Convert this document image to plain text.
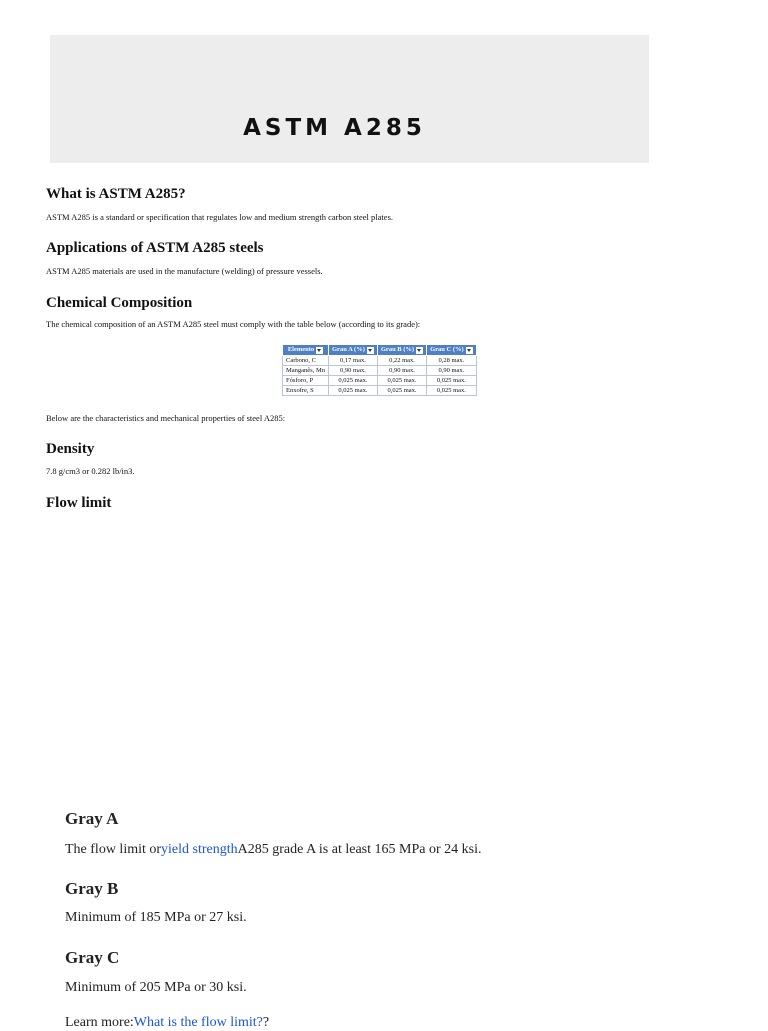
ASTM A285
What is ASTM A285?

ASTM A285 is a standard or specification that regulates low and medium strength carbon steel plates.

Applications of ASTM A285 steels

ASTM A285 materials are used in the manufacture (welding) of pressure vessels.

Chemical Composition

The chemical composition of an ASTM A285 steel must comply with the table below (according to its grade):

Elemento	Grau A (%)	Grau B (%)	Grau C (%)
Carbono, C	0,17 max.	0,22 max.	0,28 max.
Manganês, Mn	0,90 max.	0,90 max.	0,90 max.
Fósforo, P	0,025 max.	0,025 max.	0,025 max.
Enxofre, S	0,025 max.	0,025 max.	0,025 max.

Below are the characteristics and mechanical properties of steel A285:

Density

7.8 g/cm3 or 0.282 lb/in3.

Flow limit
Gray A

The flow limit oryield strengthA285 grade A is at least 165 MPa or 24 ksi.

Gray B

Minimum of 185 MPa or 27 ksi.

Gray C

Minimum of 205 MPa or 30 ksi.

Learn more:What is the flow limit??
